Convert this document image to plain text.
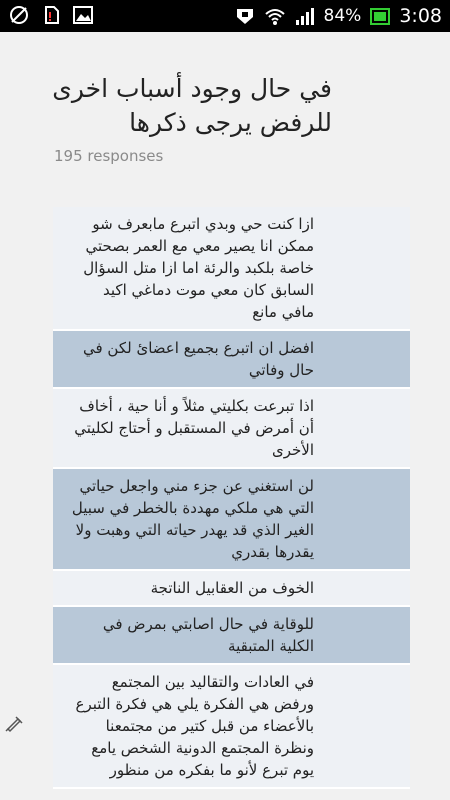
84% 3:08
في حال وجود أسباب اخرى للرفض يرجى ذكرها
195 responses
ازا كنت حي وبدي اتبرع مابعرف شو ممكن انا يصير معي مع العمر بصحتي خاصة بلكبد والرئة اما ازا متل السؤال السابق كان معي موت دماغي اكيد مافي مانع
افضل ان اتبرع بجميع اعضائ لكن في حال وفاتي
اذا تبرعت بكليتي مثلاً و أنا حية ، أخاف أن أمرض في المستقبل و أحتاج لكليتي الأخرى
لن استغني عن جزء مني واجعل حياتي التي هي ملكي مهددة بالخطر في سبيل الغير الذي قد يهدر حياته التي وهبت ولا يقدرها بقدري
الخوف من العقابيل الناتجة
للوقاية في حال اصابتي بمرض في الكلية المتبقية
في العادات والتقاليد بين المجتمع ورفض هي الفكرة يلي هي فكرة التبرع بالأعضاء من قبل كتير من مجتمعنا ونظرة المجتمع الدونية الشخص يامع يوم تبرع لأنو ما بفكره من منظور
